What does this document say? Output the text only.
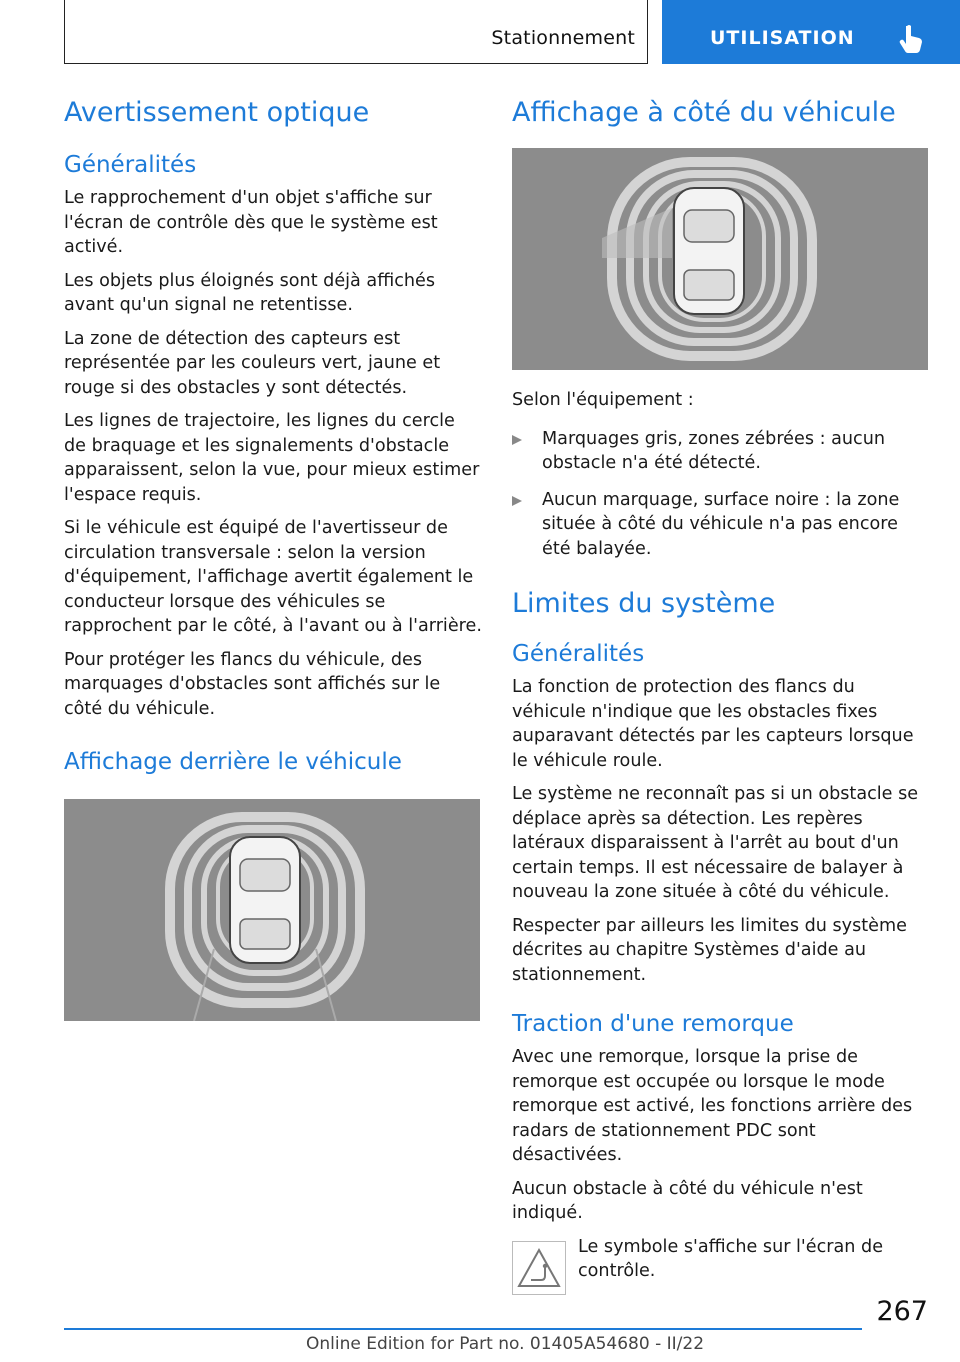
Stationnement	UTILISATION
Avertissement optique
Généralités

Le rapprochement d'un objet s'affiche sur l'écran de contrôle dès que le système est activé.

Les objets plus éloignés sont déjà affichés avant qu'un signal ne retentisse.

La zone de détection des capteurs est représentée par les couleurs vert, jaune et rouge si des obstacles y sont détectés.

Les lignes de trajectoire, les lignes du cercle de braquage et les signalements d'obstacle apparaissent, selon la vue, pour mieux estimer l'espace requis.

Si le véhicule est équipé de l'avertisseur de circulation transversale : selon la version d'équipement, l'affichage avertit également le conducteur lorsque des véhicules se rapprochent par le côté, à l'avant ou à l'arrière.

Pour protéger les flancs du véhicule, des marquages d'obstacles sont affichés sur le côté du véhicule.

Affichage derrière le véhicule
Affichage à côté du véhicule

Selon l'équipement :

Marquages gris, zones zébrées : aucun obstacle n'a été détecté.
Aucun marquage, surface noire : la zone située à côté du véhicule n'a pas encore été balayée.
Limites du système
Généralités

La fonction de protection des flancs du véhicule n'indique que les obstacles fixes auparavant détectés par les capteurs lorsque le véhicule roule.

Le système ne reconnaît pas si un obstacle se déplace après sa détection. Les repères latéraux disparaissent à l'arrêt au bout d'un certain temps. Il est nécessaire de balayer à nouveau la zone située à côté du véhicule.

Respecter par ailleurs les limites du système décrites au chapitre Systèmes d'aide au stationnement.

Traction d'une remorque

Avec une remorque, lorsque la prise de remorque est occupée ou lorsque le mode remorque est activé, les fonctions arrière des radars de stationnement PDC sont désactivées.

Aucun obstacle à côté du véhicule n'est indiqué.

Le symbole s'affiche sur l'écran de contrôle.

267
Online Edition for Part no. 01405A54680 - II/22
